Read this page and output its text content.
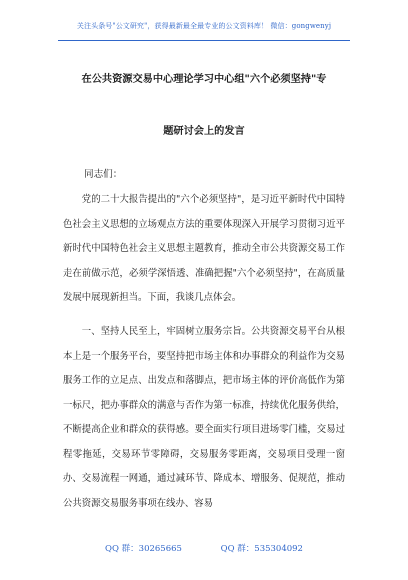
关注头条号"公文研究"，获得最新最全最专业的公文资料库！ 微信：gongwenyj
在公共资源交易中心理论学习中心组"六个必须坚持"专
题研讨会上的发言
同志们：

党的二十大报告提出的"六个必须坚持"，是习近平新时代中国特色社会主义思想的立场观点方法的重要体现深入开展学习贯彻习近平新时代中国特色社会主义思想主题教育，推动全市公共资源交易工作走在前做示范，必须学深悟透、准确把握"六个必须坚持"，在高质量发展中展现新担当。下面，我谈几点体会。

一、坚持人民至上，牢固树立服务宗旨。公共资源交易平台从根本上是一个服务平台，要坚持把市场主体和办事群众的利益作为交易服务工作的立足点、出发点和落脚点，把市场主体的评价高低作为第一标尺，把办事群众的满意与否作为第一标准，持续优化服务供给，不断提高企业和群众的获得感。要全面实行项目进场零门槛，交易过程零拖延，交易环节零障碍，交易服务零距离，交易项目受理一窗办、交易流程一网通，通过减环节、降成本、增服务、促规范，推动公共资源交易服务事项在线办、容易

QQ 群：30265665	QQ 群：535304092
